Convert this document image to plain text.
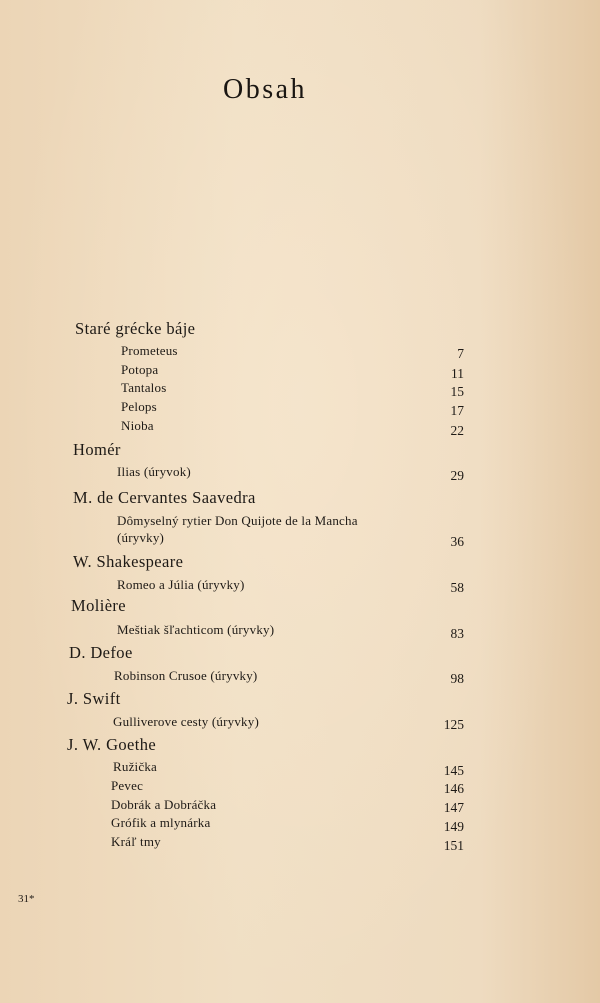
Obsah
Staré grécke báje
Prometeus	7
Potopa	11
Tantalos	15
Pelops	17
Nioba	22
Homér
Ilias (úryvok)	29
M. de Cervantes Saavedra
Dômyselný rytier Don Quijote de la Mancha
(úryvky)	36
W. Shakespeare
Romeo a Júlia (úryvky)	58
Molière
Meštiak šľachticom (úryvky)	83
D. Defoe
Robinson Crusoe (úryvky)	98
J. Swift
Gulliverove cesty (úryvky)	125
J. W. Goethe
Ružička	145
Pevec	146
Dobrák a Dobráčka	147
Grófik a mlynárka	149
Kráľ tmy	151
31*
